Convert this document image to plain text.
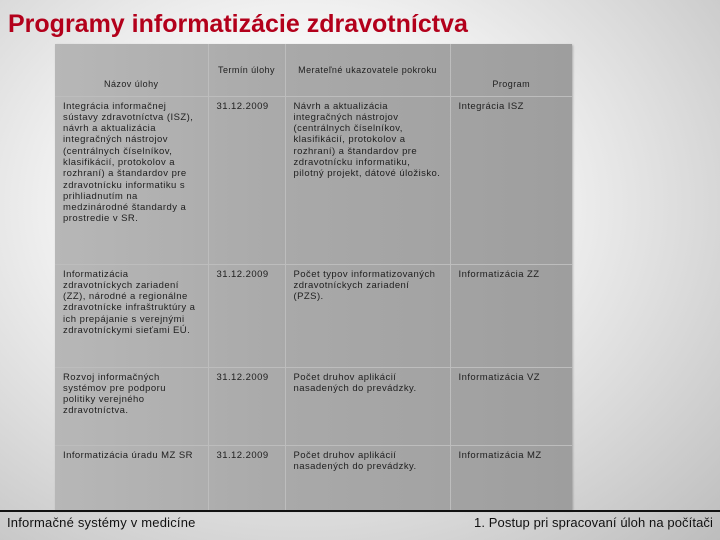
Programy informatizácie zdravotníctva
Názov úlohy	Termín úlohy	Merateľné ukazovatele pokroku	Program
Integrácia informačnej sústavy zdravotníctva (ISZ), návrh a aktualizácia integračných nástrojov (centrálnych číselníkov, klasifikácií, protokolov a rozhraní) a štandardov pre zdravotnícku informatiku s prihliadnutím na medzinárodné štandardy a prostredie v SR.	31.12.2009	Návrh a aktualizácia integračných nástrojov (centrálnych číselníkov, klasifikácií, protokolov a rozhraní) a štandardov pre zdravotnícku informatiku, pilotný projekt, dátové úložisko.	Integrácia ISZ
Informatizácia zdravotníckych zariadení (ZZ), národné a regionálne zdravotnícke infraštruktúry a ich prepájanie s verejnými zdravotníckymi sieťami EÚ.	31.12.2009	Počet typov informatizovaných zdravotníckych zariadení (PZS).	Informatizácia ZZ
Rozvoj informačných systémov pre podporu politiky verejného zdravotníctva.	31.12.2009	Počet druhov aplikácií nasadených do prevádzky.	Informatizácia VZ
Informatizácia úradu MZ SR	31.12.2009	Počet druhov aplikácií nasadených do prevádzky.	Informatizácia MZ
Informačné systémy v medicíne	1. Postup pri spracovaní úloh na počítači
